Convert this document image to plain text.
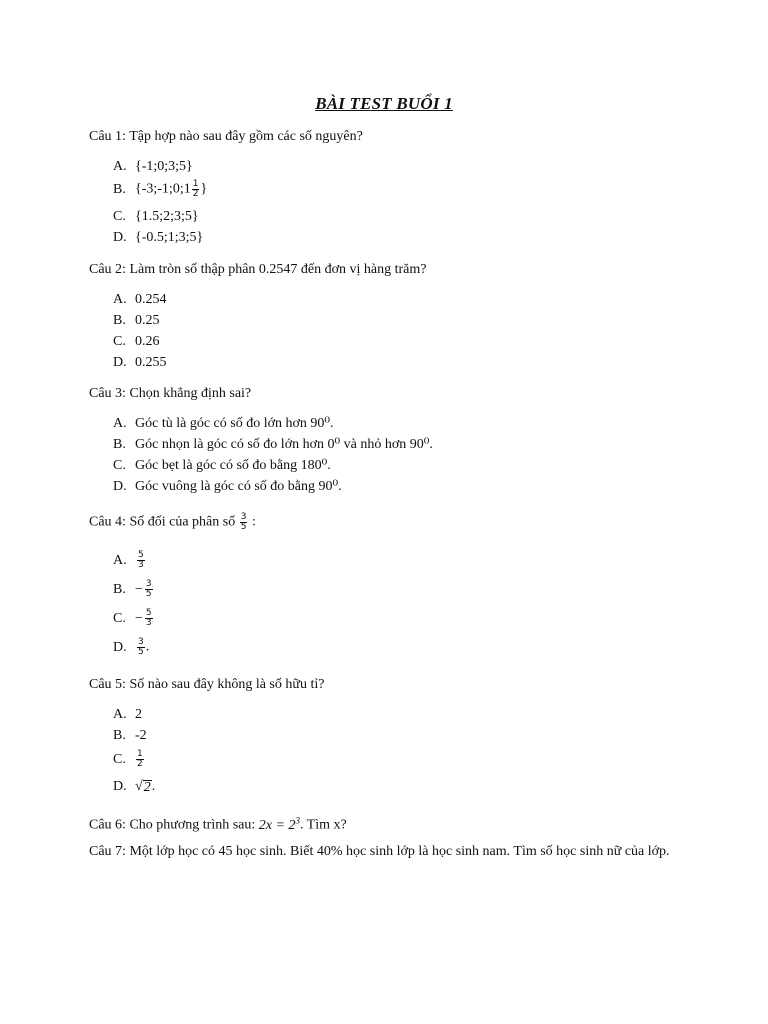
BÀI TEST BUỔI 1
Câu 1: Tập hợp nào sau đây gồm các số nguyên?
A. {-1;0;3;5}
B. {-3;-1;0;1 $\frac{1}{2}$ }
C. {1.5;2;3;5}
D. {-0.5;1;3;5}
Câu 2: Làm tròn số thập phân 0.2547 đến đơn vị hàng trăm?
A. 0.254
B. 0.25
C. 0.26
D. 0.255
Câu 3: Chọn khẳng định sai?
A. Góc tù là góc có số đo lớn hơn 90⁰.
B. Góc nhọn là góc có số đo lớn hơn 0⁰ và nhỏ hơn 90⁰.
C. Góc bẹt là góc có số đo bằng 180⁰.
D. Góc vuông là góc có số đo bằng 90⁰.
Câu 4: Số đối của phân số $\frac{3}{5}$ :
A. $\frac{5}{3}$
B. − $\frac{3}{5}$
C. − $\frac{5}{3}$
D. $\frac{3}{5}$ .
Câu 5: Số nào sau đây không là số hữu tỉ?
A. 2
B. -2
C. $\frac{1}{2}$
D. √ 2 .
Câu 6: Cho phương trình sau: $2x = 2^3$. Tìm x?
Câu 7: Một lớp học có 45 học sinh. Biết 40% học sinh lớp là học sinh nam. Tìm số học sinh nữ của lớp.
